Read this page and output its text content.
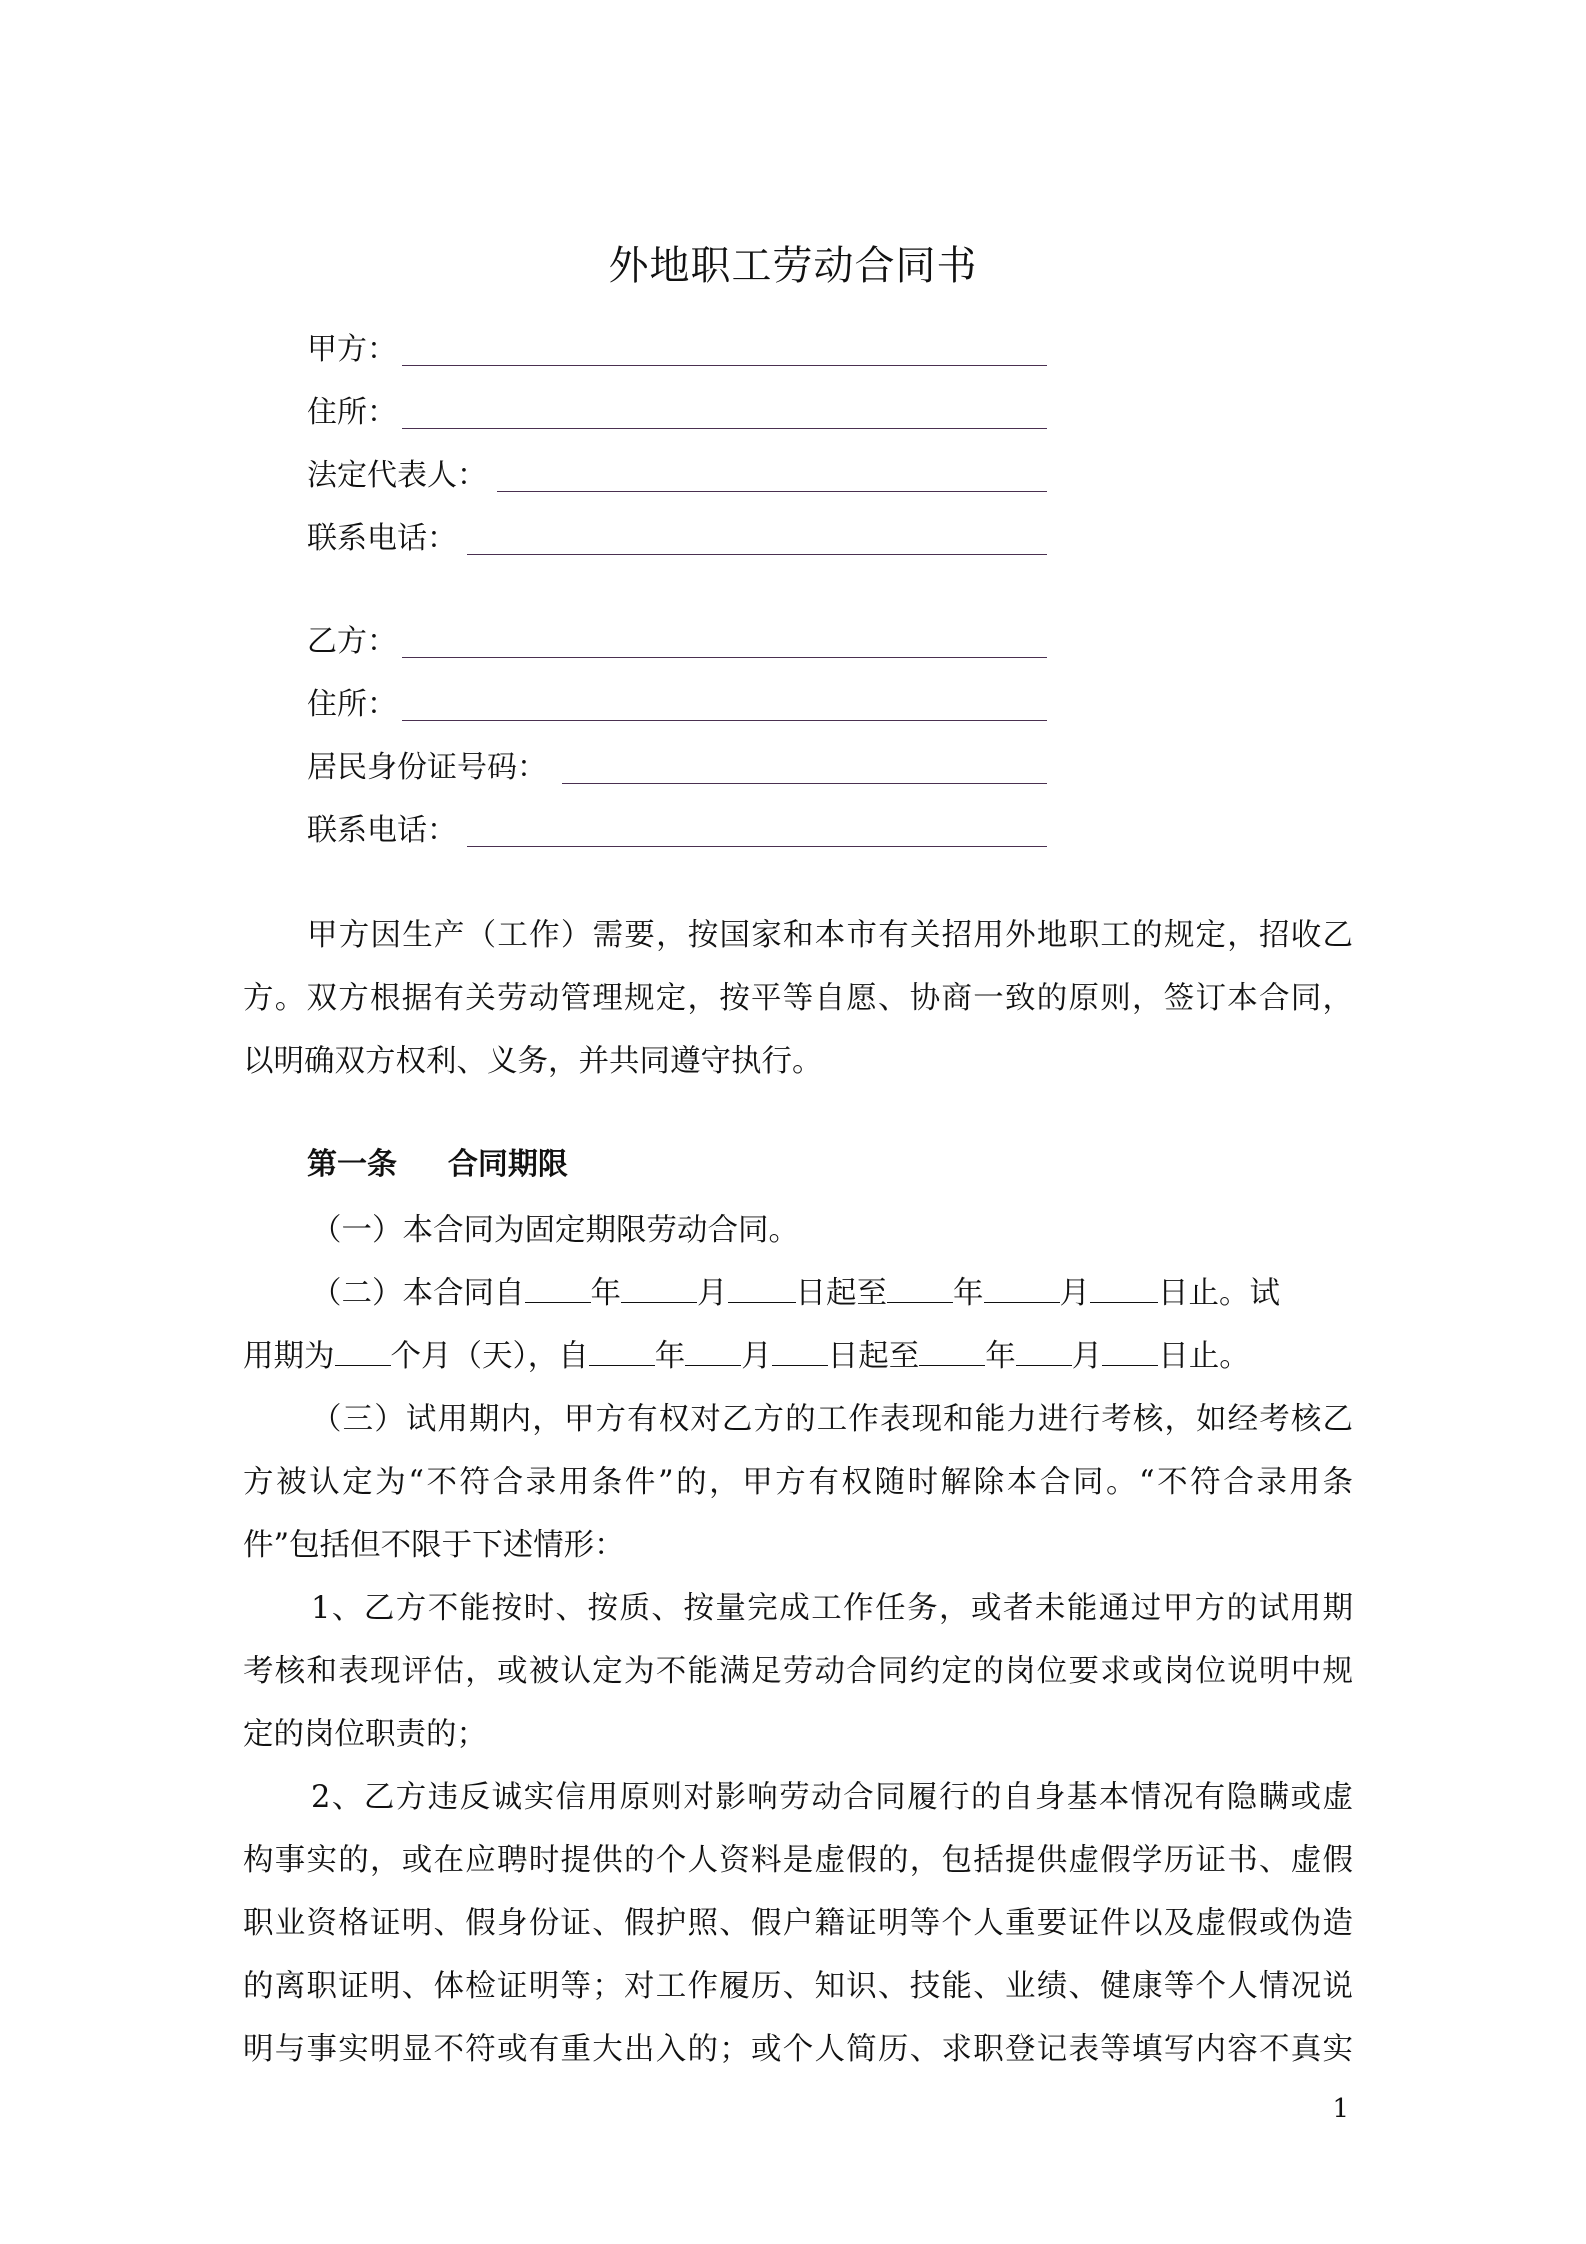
外地职工劳动合同书
甲方：
住所：
法定代表人：
联系电话：
乙方：
住所：
居民身份证号码：
联系电话：
甲方因生产（工作）需要，按国家和本市有关招用外地职工的规定，招收乙
方。双方根据有关劳动管理规定，按平等自愿、协商一致的原则，签订本合同，
以明确双方权利、义务，并共同遵守执行。
第一条 合同期限
（一）本合同为固定期限劳动合同。
（二）本合同自 年 月 日起至 年 月 日止。试
用期为 个月（天），自 年 月 日起至 年 月 日止。
（三）试用期内，甲方有权对乙方的工作表现和能力进行考核，如经考核乙
方被认定为“不符合录用条件”的，甲方有权随时解除本合同。“不符合录用条
件”包括但不限于下述情形：
1、乙方不能按时、按质、按量完成工作任务，或者未能通过甲方的试用期
考核和表现评估，或被认定为不能满足劳动合同约定的岗位要求或岗位说明中规
定的岗位职责的；
2、乙方违反诚实信用原则对影响劳动合同履行的自身基本情况有隐瞒或虚
构事实的，或在应聘时提供的个人资料是虚假的，包括提供虚假学历证书、虚假
职业资格证明、假身份证、假护照、假户籍证明等个人重要证件以及虚假或伪造
的离职证明、体检证明等；对工作履历、知识、技能、业绩、健康等个人情况说
明与事实明显不符或有重大出入的；或个人简历、求职登记表等填写内容不真实
1
